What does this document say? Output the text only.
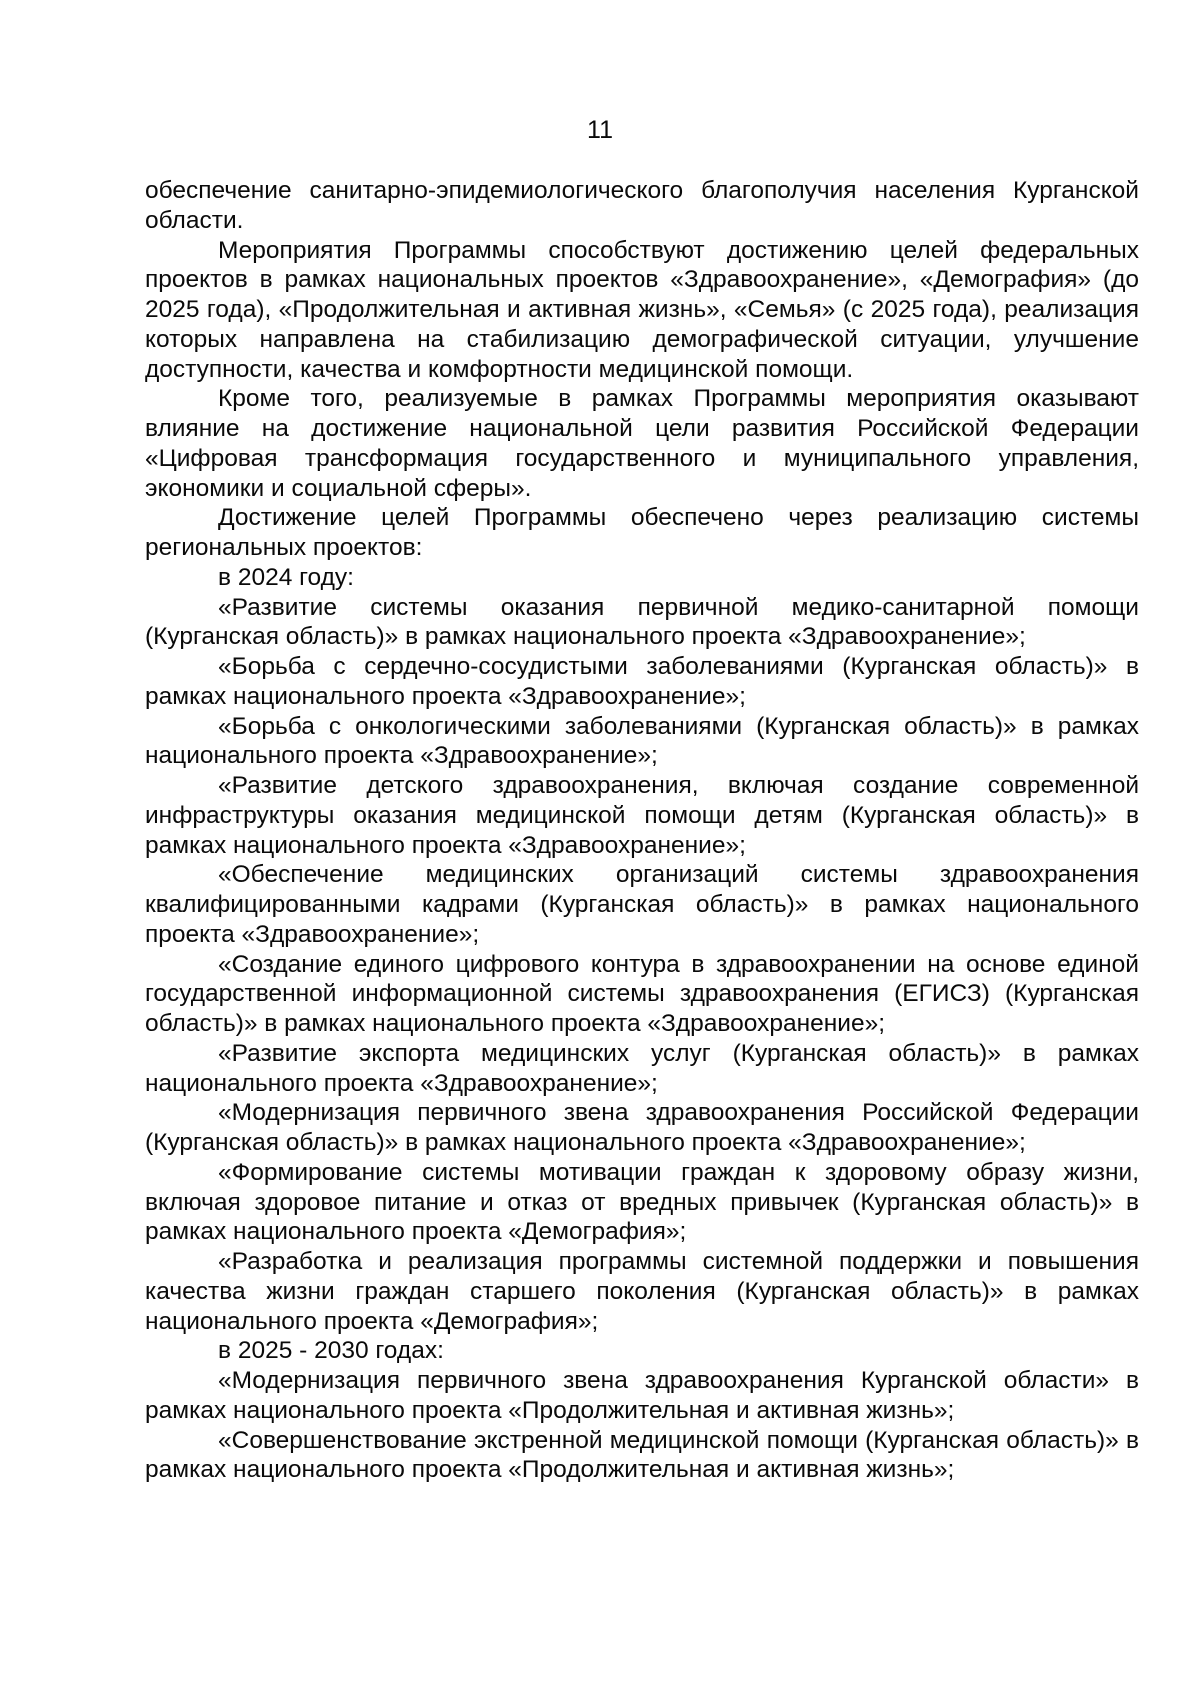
11

обеспечение санитарно-эпидемиологического благополучия населения Курганской области.

Мероприятия Программы способствуют достижению целей федеральных проектов в рамках национальных проектов «Здравоохранение», «Демография» (до 2025 года), «Продолжительная и активная жизнь», «Семья» (с 2025 года), реализация которых направлена на стабилизацию демографической ситуации, улучшение доступности, качества и комфортности медицинской помощи.

Кроме того, реализуемые в рамках Программы мероприятия оказывают влияние на достижение национальной цели развития Российской Федерации «Цифровая трансформация государственного и муниципального управления, экономики и социальной сферы».

Достижение целей Программы обеспечено через реализацию системы региональных проектов:

в 2024 году:

«Развитие системы оказания первичной медико-санитарной помощи (Курганская область)» в рамках национального проекта «Здравоохранение»;

«Борьба с сердечно-сосудистыми заболеваниями (Курганская область)» в рамках национального проекта «Здравоохранение»;

«Борьба с онкологическими заболеваниями (Курганская область)» в рамках национального проекта «Здравоохранение»;

«Развитие детского здравоохранения, включая создание современной инфраструктуры оказания медицинской помощи детям (Курганская область)» в рамках национального проекта «Здравоохранение»;

«Обеспечение медицинских организаций системы здравоохранения квалифицированными кадрами (Курганская область)» в рамках национального проекта «Здравоохранение»;

«Создание единого цифрового контура в здравоохранении на основе единой государственной информационной системы здравоохранения (ЕГИСЗ) (Курганская область)» в рамках национального проекта «Здравоохранение»;

«Развитие экспорта медицинских услуг (Курганская область)» в рамках национального проекта «Здравоохранение»;

«Модернизация первичного звена здравоохранения Российской Федерации (Курганская область)» в рамках национального проекта «Здравоохранение»;

«Формирование системы мотивации граждан к здоровому образу жизни, включая здоровое питание и отказ от вредных привычек (Курганская область)» в рамках национального проекта «Демография»;

«Разработка и реализация программы системной поддержки и повышения качества жизни граждан старшего поколения (Курганская область)» в рамках национального проекта «Демография»;

в 2025 - 2030 годах:

«Модернизация первичного звена здравоохранения Курганской области» в рамках национального проекта «Продолжительная и активная жизнь»;

«Совершенствование экстренной медицинской помощи (Курганская область)» в рамках национального проекта «Продолжительная и активная жизнь»;
